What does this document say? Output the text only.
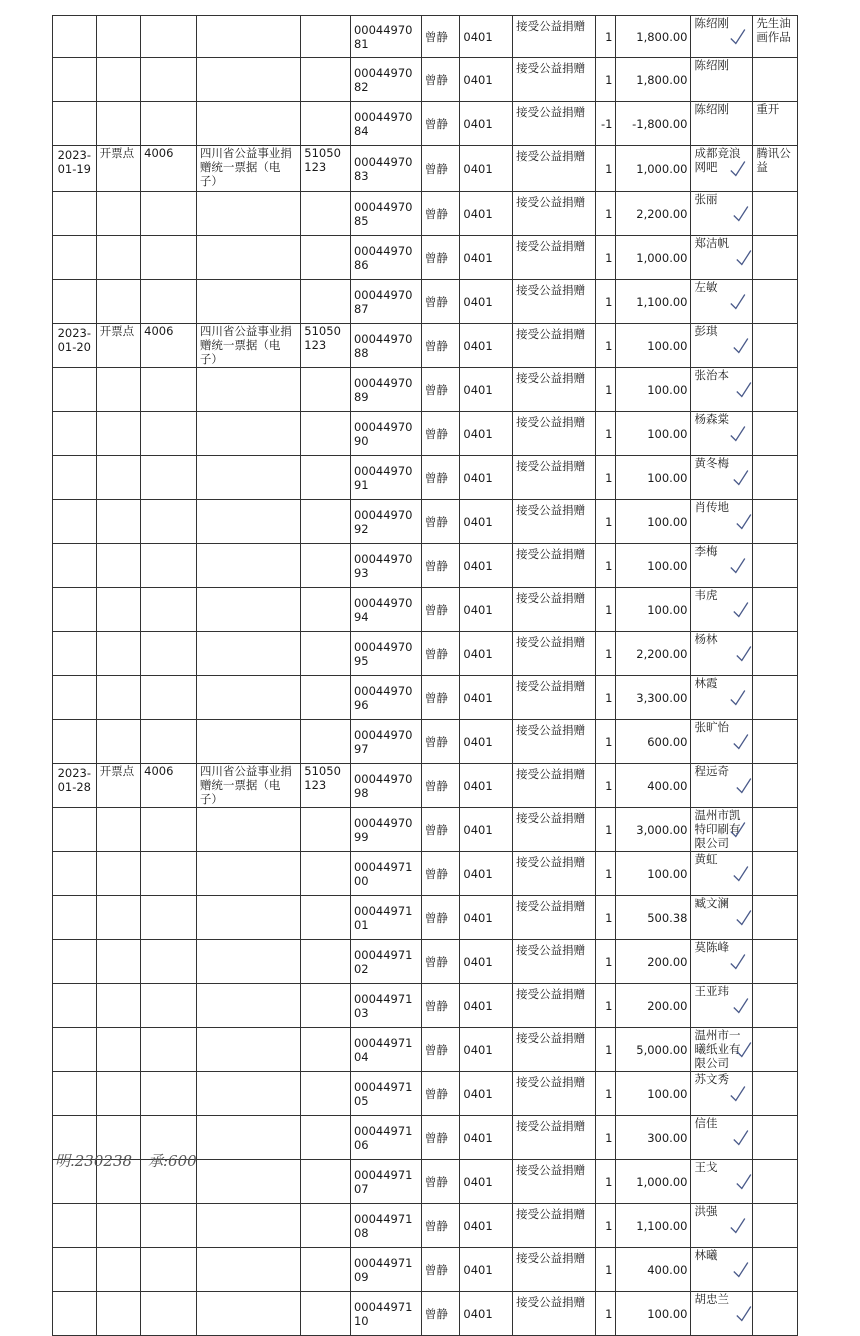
					0004497081	曾静	0401	接受公益捐赠	1	1,800.00	陈绍刚	先生油画作品

					0004497082	曾静	0401	接受公益捐赠	1	1,800.00	陈绍刚	

					0004497084	曾静	0401	接受公益捐赠	-1	-1,800.00	陈绍刚	重开

2023-01-19	开票点	4006	四川省公益事业捐赠统一票据（电子）	51050123	0004497083	曾静	0401	接受公益捐赠	1	1,000.00	成都竞浪网吧	腾讯公益

					0004497085	曾静	0401	接受公益捐赠	1	2,200.00	张丽	

					0004497086	曾静	0401	接受公益捐赠	1	1,000.00	郑洁帆	

					0004497087	曾静	0401	接受公益捐赠	1	1,100.00	左敏	

2023-01-20	开票点	4006	四川省公益事业捐赠统一票据（电子）	51050123	0004497088	曾静	0401	接受公益捐赠	1	100.00	彭琪	

					0004497089	曾静	0401	接受公益捐赠	1	100.00	张治本	

					0004497090	曾静	0401	接受公益捐赠	1	100.00	杨森棠	

					0004497091	曾静	0401	接受公益捐赠	1	100.00	黄冬梅	

					0004497092	曾静	0401	接受公益捐赠	1	100.00	肖传地	

					0004497093	曾静	0401	接受公益捐赠	1	100.00	李梅	

					0004497094	曾静	0401	接受公益捐赠	1	100.00	韦虎	

					0004497095	曾静	0401	接受公益捐赠	1	2,200.00	杨林	

					0004497096	曾静	0401	接受公益捐赠	1	3,300.00	林霞	

					0004497097	曾静	0401	接受公益捐赠	1	600.00	张旷怡	

2023-01-28	开票点	4006	四川省公益事业捐赠统一票据（电子）	51050123	0004497098	曾静	0401	接受公益捐赠	1	400.00	程远奇	

					0004497099	曾静	0401	接受公益捐赠	1	3,000.00	温州市凯特印刷有限公司	

					0004497100	曾静	0401	接受公益捐赠	1	100.00	黄虹	

					0004497101	曾静	0401	接受公益捐赠	1	500.38	臧文澜	

					0004497102	曾静	0401	接受公益捐赠	1	200.00	莫陈峰	

					0004497103	曾静	0401	接受公益捐赠	1	200.00	王亚玮	

					0004497104	曾静	0401	接受公益捐赠	1	5,000.00	温州市一曦纸业有限公司	

					0004497105	曾静	0401	接受公益捐赠	1	100.00	苏文秀	

					0004497106	曾静	0401	接受公益捐赠	1	300.00	信佳	

					0004497107	曾静	0401	接受公益捐赠	1	1,000.00	王戈	

					0004497108	曾静	0401	接受公益捐赠	1	1,100.00	洪强	

					0004497109	曾静	0401	接受公益捐赠	1	400.00	林曦	

					0004497110	曾静	0401	接受公益捐赠	1	100.00	胡忠兰	

明.230238 承:600
